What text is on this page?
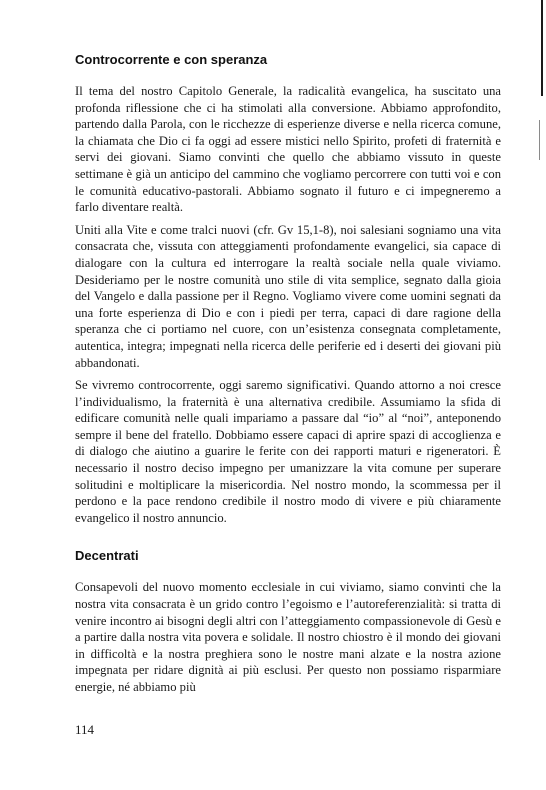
Controcorrente e con speranza

Il tema del nostro Capitolo Generale, la radicalità evangelica, ha suscitato una profonda riflessione che ci ha stimolati alla conversione. Abbiamo approfondito, partendo dalla Parola, con le ricchezze di esperienze diverse e nella ricerca comune, la chiamata che Dio ci fa oggi ad essere mistici nello Spirito, profeti di fraternità e servi dei giovani. Siamo convinti che quello che abbiamo vissuto in queste settimane è già un anticipo del cammino che vogliamo percorrere con tutti voi e con le comunità educativo-pastorali. Abbiamo sognato il futuro e ci impegneremo a farlo diventare realtà.

Uniti alla Vite e come tralci nuovi (cfr. Gv 15,1-8), noi salesiani sogniamo una vita consacrata che, vissuta con atteggiamenti profondamente evangelici, sia capace di dialogare con la cultura ed interrogare la realtà sociale nella quale viviamo. Desideriamo per le nostre comunità uno stile di vita semplice, segnato dalla gioia del Vangelo e dalla passione per il Regno. Vogliamo vivere come uomini segnati da una forte esperienza di Dio e con i piedi per terra, capaci di dare ragione della speranza che ci portiamo nel cuore, con un’esistenza consegnata completamente, autentica, integra; impegnati nella ricerca delle periferie ed i deserti dei giovani più abbandonati.

Se vivremo controcorrente, oggi saremo significativi. Quando attorno a noi cresce l’individualismo, la fraternità è una alternativa credibile. Assumiamo la sfida di edificare comunità nelle quali impariamo a passare dal “io” al “noi”, anteponendo sempre il bene del fratello. Dobbiamo essere capaci di aprire spazi di accoglienza e di dialogo che aiutino a guarire le ferite con dei rapporti maturi e rigeneratori. È necessario il nostro deciso impegno per umanizzare la vita comune per superare solitudini e moltiplicare la misericordia. Nel nostro mondo, la scommessa per il perdono e la pace rendono credibile il nostro modo di vivere e più chiaramente evangelico il nostro annuncio.

Decentrati

Consapevoli del nuovo momento ecclesiale in cui viviamo, siamo convinti che la nostra vita consacrata è un grido contro l’egoismo e l’autoreferenzialità: si tratta di venire incontro ai bisogni degli altri con l’atteggiamento compassionevole di Gesù e a partire dalla nostra vita povera e solidale. Il nostro chiostro è il mondo dei giovani in difficoltà e la nostra preghiera sono le nostre mani alzate e la nostra azione impegnata per ridare dignità ai più esclusi. Per questo non possiamo risparmiare energie, né abbiamo più

114
